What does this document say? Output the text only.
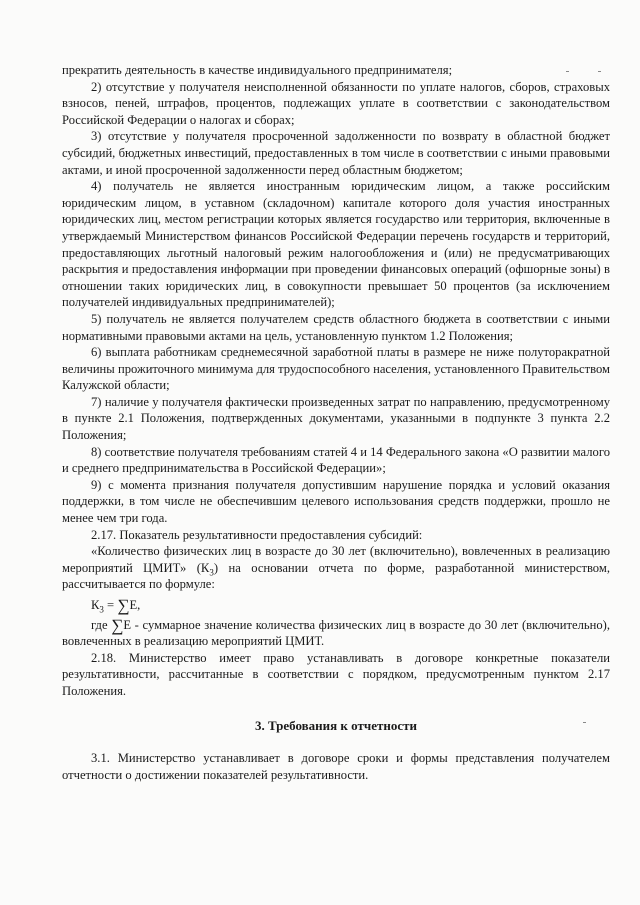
прекратить деятельность в качестве индивидуального предпринимателя;

2) отсутствие у получателя неисполненной обязанности по уплате налогов, сборов, страховых взносов, пеней, штрафов, процентов, подлежащих уплате в соответствии с законодательством Российской Федерации о налогах и сборах;

3) отсутствие у получателя просроченной задолженности по возврату в областной бюджет субсидий, бюджетных инвестиций, предоставленных в том числе в соответствии с иными правовыми актами, и иной просроченной задолженности перед областным бюджетом;

4) получатель не является иностранным юридическим лицом, а также российским юридическим лицом, в уставном (складочном) капитале которого доля участия иностранных юридических лиц, местом регистрации которых является государство или территория, включенные в утверждаемый Министерством финансов Российской Федерации перечень государств и территорий, предоставляющих льготный налоговый режим налогообложения и (или) не предусматривающих раскрытия и предоставления информации при проведении финансовых операций (офшорные зоны) в отношении таких юридических лиц, в совокупности превышает 50 процентов (за исключением получателей индивидуальных предпринимателей);

5) получатель не является получателем средств областного бюджета в соответствии с иными нормативными правовыми актами на цель, установленную пунктом 1.2 Положения;

6) выплата работникам среднемесячной заработной платы в размере не ниже полуторакратной величины прожиточного минимума для трудоспособного населения, установленного Правительством Калужской области;

7) наличие у получателя фактически произведенных затрат по направлению, предусмотренному в пункте 2.1 Положения, подтвержденных документами, указанными в подпункте 3 пункта 2.2 Положения;

8) соответствие получателя требованиям статей 4 и 14 Федерального закона «О развитии малого и среднего предпринимательства в Российской Федерации»;

9) с момента признания получателя допустившим нарушение порядка и условий оказания поддержки, в том числе не обеспечившим целевого использования средств поддержки, прошло не менее чем три года.

2.17. Показатель результативности предоставления субсидий:

«Количество физических лиц в возрасте до 30 лет (включительно), вовлеченных в реализацию мероприятий ЦМИТ» $(К_3)$ на основании отчета по форме, разработанной министерством, рассчитывается по формуле:

$К_3 = \sum E$,

где ∑E - суммарное значение количества физических лиц в возрасте до 30 лет (включительно), вовлеченных в реализацию мероприятий ЦМИТ.

2.18. Министерство имеет право устанавливать в договоре конкретные показатели результативности, рассчитанные в соответствии с порядком, предусмотренным пунктом 2.17 Положения.

3. Требования к отчетности

3.1. Министерство устанавливает в договоре сроки и формы представления получателем отчетности о достижении показателей результативности.
